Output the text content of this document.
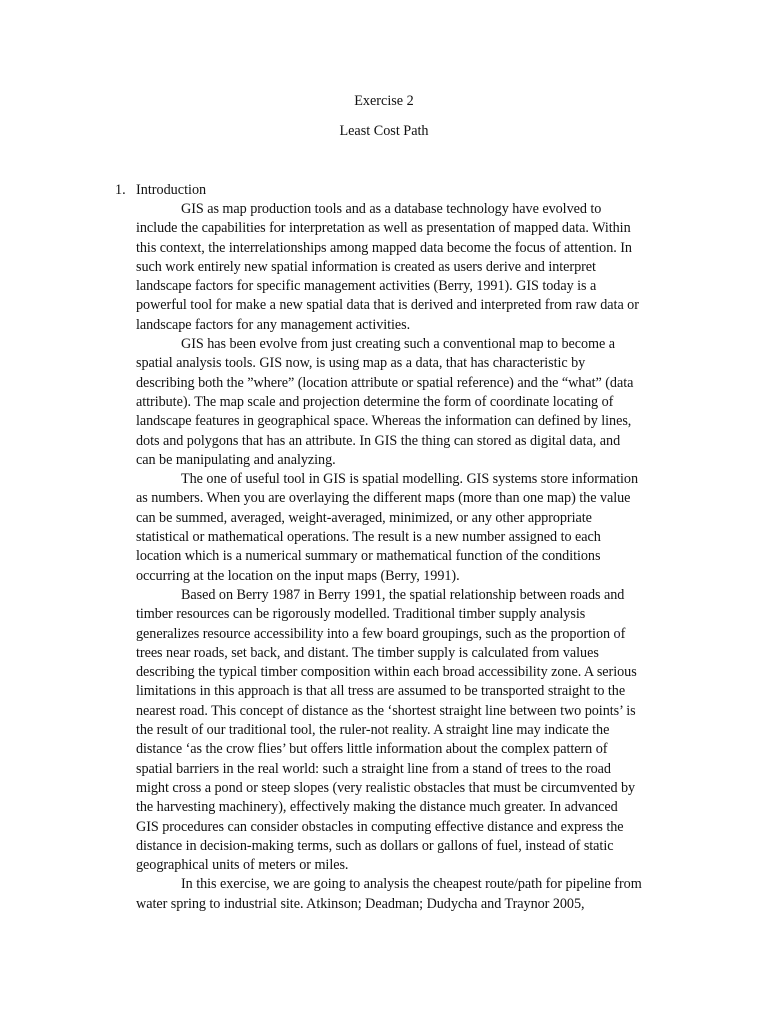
Exercise 2
Least Cost Path
1. Introduction
GIS as map production tools and as a database technology have evolved to
include the capabilities for interpretation as well as presentation of mapped data. Within
this context, the interrelationships among mapped data become the focus of attention. In
such work entirely new spatial information is created as users derive and interpret
landscape factors for specific management activities (Berry, 1991). GIS today is a
powerful tool for make a new spatial data that is derived and interpreted from raw data or
landscape factors for any management activities.
GIS has been evolve from just creating such a conventional map to become a
spatial analysis tools. GIS now, is using map as a data, that has characteristic by
describing both the ”where” (location attribute or spatial reference) and the “what” (data
attribute). The map scale and projection determine the form of coordinate locating of
landscape features in geographical space. Whereas the information can defined by lines,
dots and polygons that has an attribute. In GIS the thing can stored as digital data, and
can be manipulating and analyzing.
The one of useful tool in GIS is spatial modelling. GIS systems store information
as numbers. When you are overlaying the different maps (more than one map) the value
can be summed, averaged, weight-averaged, minimized, or any other appropriate
statistical or mathematical operations. The result is a new number assigned to each
location which is a numerical summary or mathematical function of the conditions
occurring at the location on the input maps (Berry, 1991).
Based on Berry 1987 in Berry 1991, the spatial relationship between roads and
timber resources can be rigorously modelled. Traditional timber supply analysis
generalizes resource accessibility into a few board groupings, such as the proportion of
trees near roads, set back, and distant. The timber supply is calculated from values
describing the typical timber composition within each broad accessibility zone. A serious
limitations in this approach is that all tress are assumed to be transported straight to the
nearest road. This concept of distance as the ‘shortest straight line between two points’ is
the result of our traditional tool, the ruler-not reality. A straight line may indicate the
distance ‘as the crow flies’ but offers little information about the complex pattern of
spatial barriers in the real world: such a straight line from a stand of trees to the road
might cross a pond or steep slopes (very realistic obstacles that must be circumvented by
the harvesting machinery), effectively making the distance much greater. In advanced
GIS procedures can consider obstacles in computing effective distance and express the
distance in decision-making terms, such as dollars or gallons of fuel, instead of static
geographical units of meters or miles.
In this exercise, we are going to analysis the cheapest route/path for pipeline from
water spring to industrial site. Atkinson; Deadman; Dudycha and Traynor 2005,
